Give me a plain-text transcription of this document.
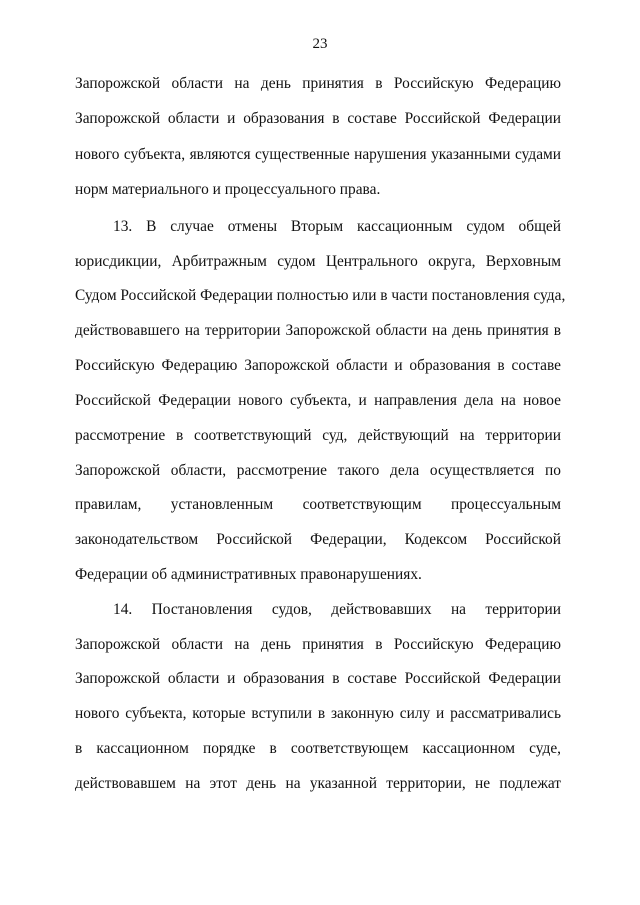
23
Запорожской области на день принятия в Российскую Федерацию
Запорожской области и образования в составе Российской Федерации
нового субъекта, являются существенные нарушения указанными судами
норм материального и процессуального права.
13. В случае отмены Вторым кассационным судом общей
юрисдикции, Арбитражным судом Центрального округа, Верховным
Судом Российской Федерации полностью или в части постановления суда,
действовавшего на территории Запорожской области на день принятия в
Российскую Федерацию Запорожской области и образования в составе
Российской Федерации нового субъекта, и направления дела на новое
рассмотрение в соответствующий суд, действующий на территории
Запорожской области, рассмотрение такого дела осуществляется по
правилам, установленным соответствующим процессуальным
законодательством Российской Федерации, Кодексом Российской
Федерации об административных правонарушениях.
14. Постановления судов, действовавших на территории
Запорожской области на день принятия в Российскую Федерацию
Запорожской области и образования в составе Российской Федерации
нового субъекта, которые вступили в законную силу и рассматривались
в кассационном порядке в соответствующем кассационном суде,
действовавшем на этот день на указанной территории, не подлежат
